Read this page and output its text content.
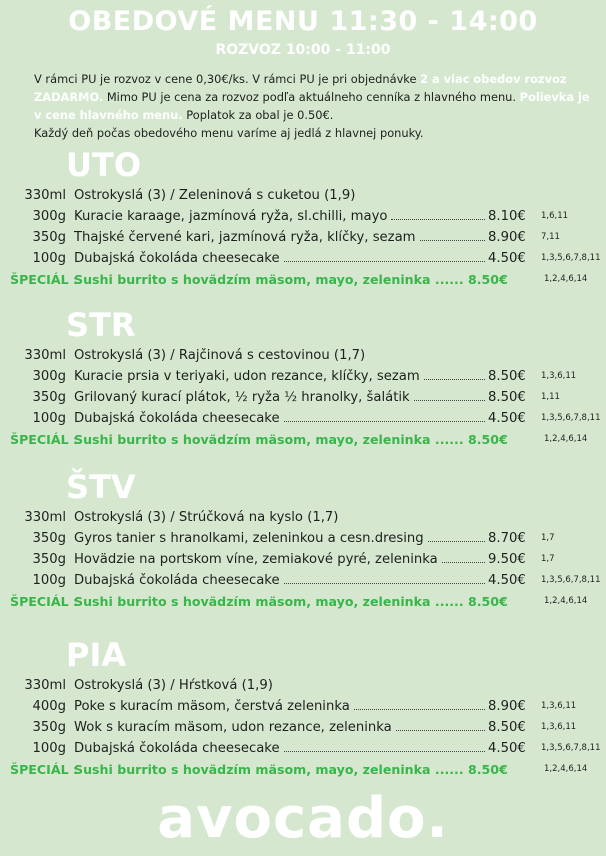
OBEDOVÉ MENU 11:30 - 14:00
ROZVOZ 10:00 - 11:00
V rámci PU je rozvoz v cene 0,30€/ks. V rámci PU je pri objednávke 2 a viac obedov rozvoz ZADARMO. Mimo PU je cena za rozvoz podľa aktuálneho cenníka z hlavného menu. Polievka je v cene hlavného menu. Poplatok za obal je 0.50€.
Každý deň počas obedového menu varíme aj jedlá z hlavnej ponuky.
avocado.
UTO
330ml Ostrokyslá (3) / Zeleninová s cuketou (1,9)
300g Kuracie karaage, jazmínová ryža, sl.chilli, mayo	8.10€	1,6,11
350g Thajské červené kari, jazmínová ryža, klíčky, sezam	8.90€	7,11
100g Dubajská čokoláda cheesecake	4.50€	1,3,5,6,7,8,11
ŠPECIÁL :
Sushi burrito s hovädzím mäsom, mayo, zeleninka ...... 8.50€	1,2,4,6,14
STR
330ml Ostrokyslá (3) / Rajčinová s cestovinou (1,7)
300g Kuracie prsia v teriyaki, udon rezance, klíčky, sezam	8.50€	1,3,6,11
350g Grilovaný kurací plátok, ½ ryža ½ hranolky, šalátik	8.50€	1,11
100g Dubajská čokoláda cheesecake	4.50€	1,3,5,6,7,8,11
ŠPECIÁL :
Sushi burrito s hovädzím mäsom, mayo, zeleninka ...... 8.50€	1,2,4,6,14
ŠTV
330ml Ostrokyslá (3) / Strúčková na kyslo (1,7)
350g Gyros tanier s hranolkami, zeleninkou a cesn.dresing	8.70€	1,7
350g Hovädzie na portskom víne, zemiakové pyré, zeleninka	9.50€	1,7
100g Dubajská čokoláda cheesecake	4.50€	1,3,5,6,7,8,11
ŠPECIÁL :
Sushi burrito s hovädzím mäsom, mayo, zeleninka ...... 8.50€	1,2,4,6,14
PIA
330ml Ostrokyslá (3) / Hŕstková (1,9)
400g Poke s kuracím mäsom, čerstvá zeleninka	8.90€	1,3,6,11
350g Wok s kuracím mäsom, udon rezance, zeleninka	8.50€	1,3,6,11
100g Dubajská čokoláda cheesecake	4.50€	1,3,5,6,7,8,11
ŠPECIÁL :
Sushi burrito s hovädzím mäsom, mayo, zeleninka ...... 8.50€	1,2,4,6,14
